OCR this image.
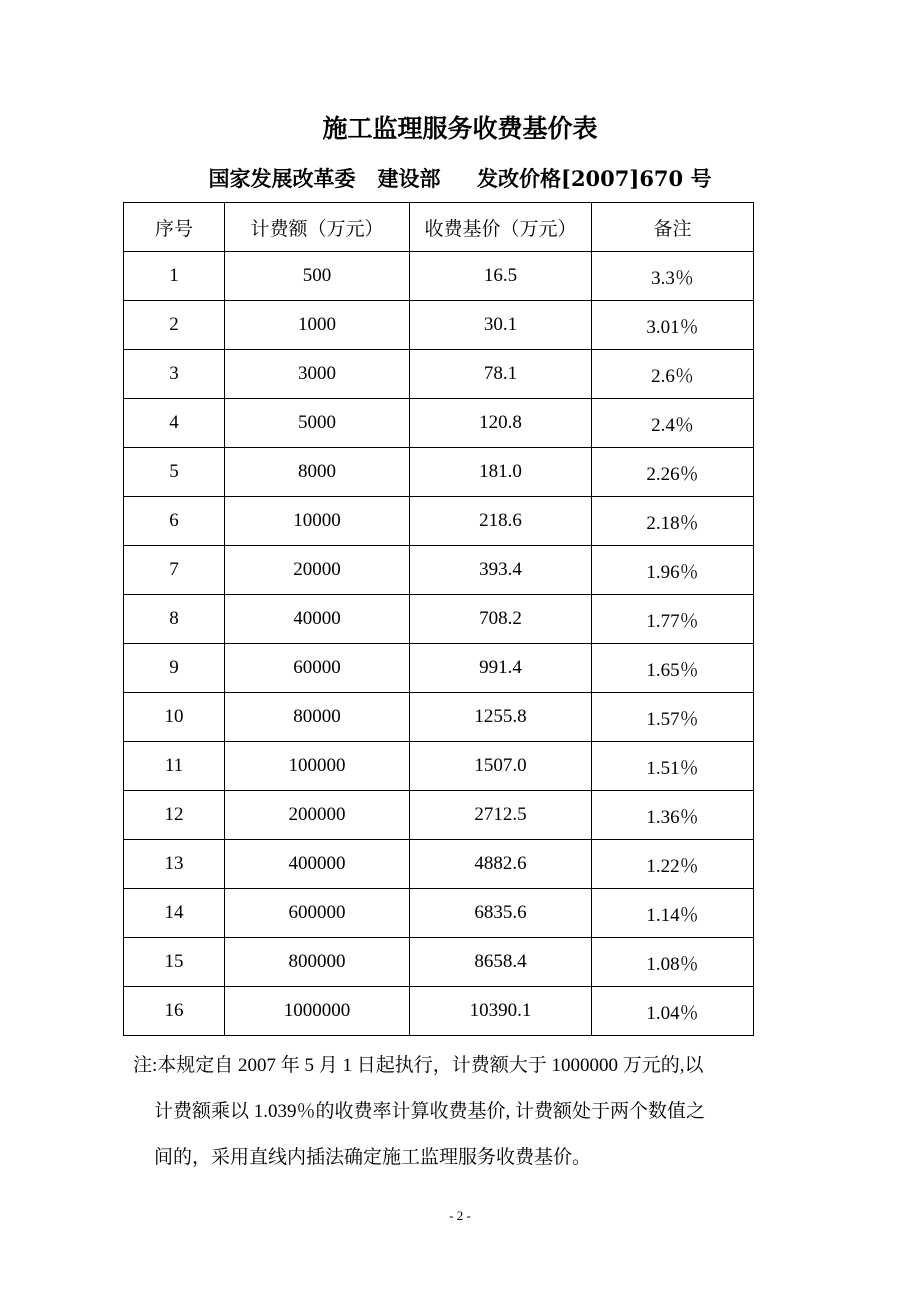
施工监理服务收费基价表
国家发展改革委   建设部     发改价格[2007]670 号
序号	计费额（万元）	收费基价（万元）	备注
1	500	16.5	3.3％
2	1000	30.1	3.01％
3	3000	78.1	2.6％
4	5000	120.8	2.4％
5	8000	181.0	2.26％
6	10000	218.6	2.18％
7	20000	393.4	1.96％
8	40000	708.2	1.77％
9	60000	991.4	1.65％
10	80000	1255.8	1.57％
11	100000	1507.0	1.51％
12	200000	2712.5	1.36％
13	400000	4882.6	1.22％
14	600000	6835.6	1.14％
15	800000	8658.4	1.08％
16	1000000	10390.1	1.04％
注:本规定自 2007 年 5 月 1 日起执行，计费额大于 1000000 万元的,以
计费额乘以 1.039％的收费率计算收费基价, 计费额处于两个数值之
间的，采用直线内插法确定施工监理服务收费基价。
- 2 -
